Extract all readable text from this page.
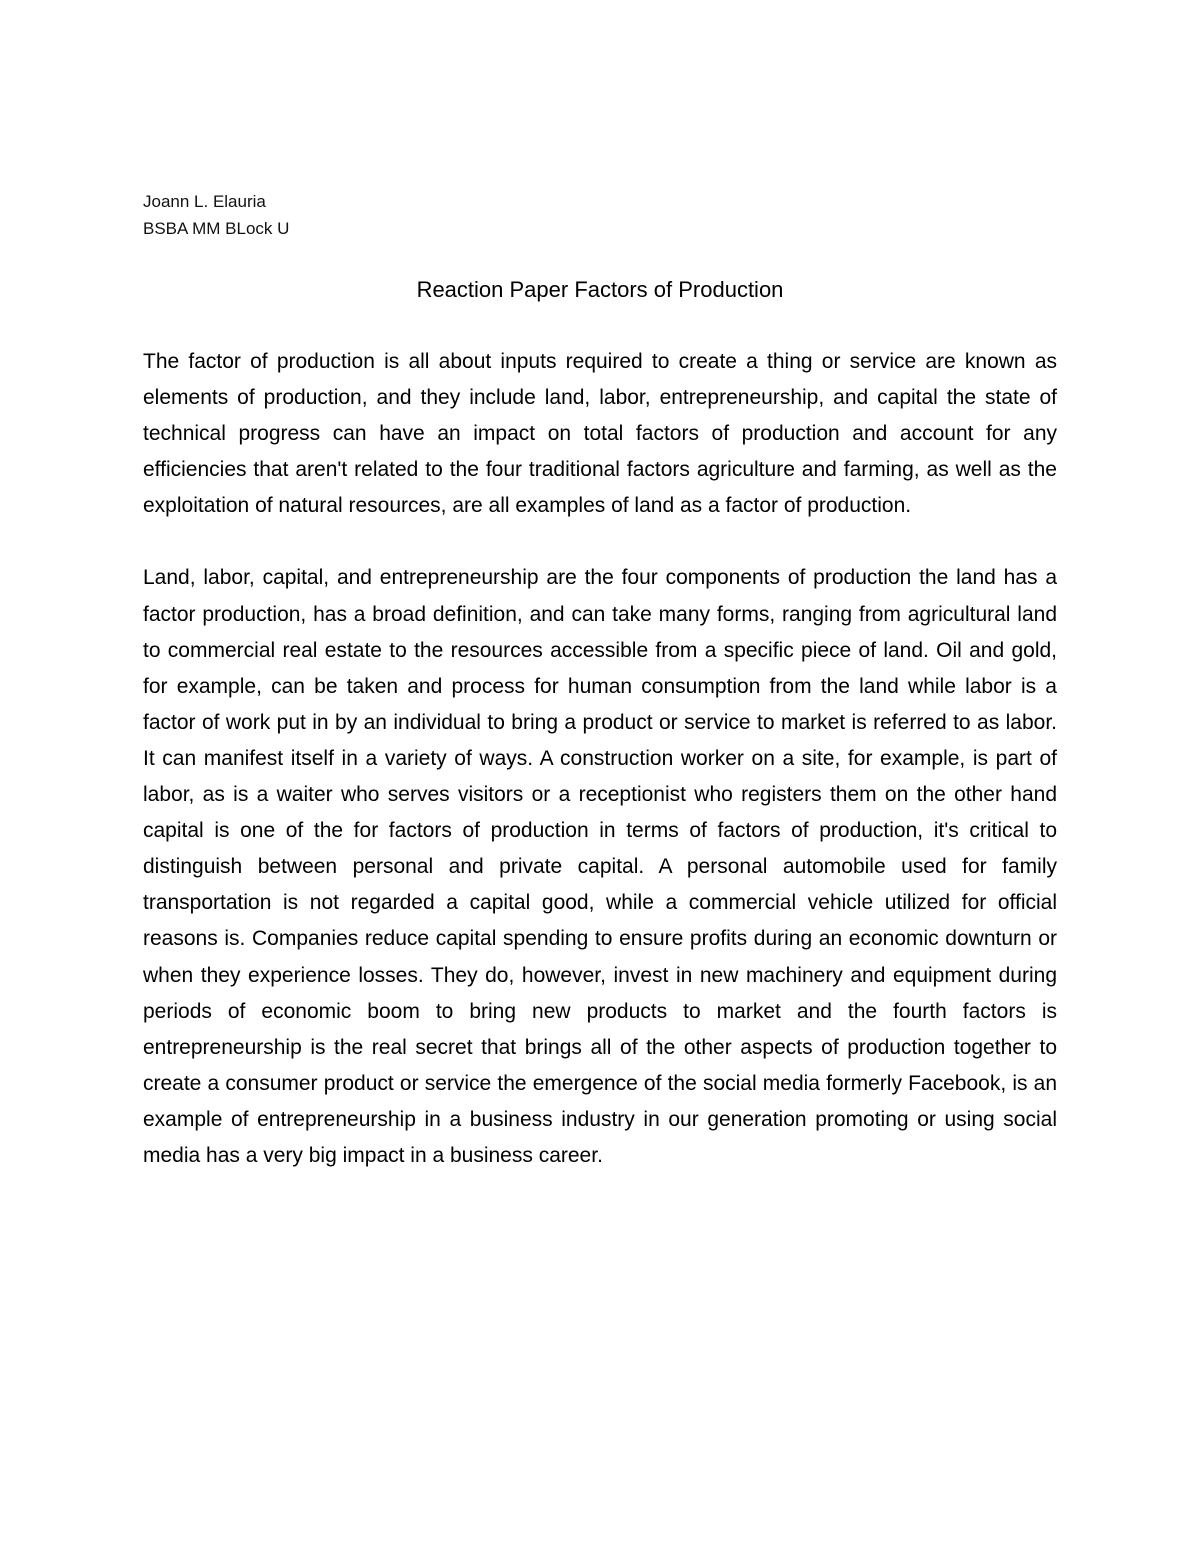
Joann L. Elauria
BSBA MM BLock U
Reaction Paper Factors of Production

The factor of production is all about inputs required to create a thing or service are known as elements of production, and they include land, labor, entrepreneurship, and capital the state of technical progress can have an impact on total factors of production and account for any efficiencies that aren't related to the four traditional factors agriculture and farming, as well as the exploitation of natural resources, are all examples of land as a factor of production.

Land, labor, capital, and entrepreneurship are the four components of production the land has a factor production, has a broad definition, and can take many forms, ranging from agricultural land to commercial real estate to the resources accessible from a specific piece of land. Oil and gold, for example, can be taken and process for human consumption from the land while labor is a factor of work put in by an individual to bring a product or service to market is referred to as labor. It can manifest itself in a variety of ways. A construction worker on a site, for example, is part of labor, as is a waiter who serves visitors or a receptionist who registers them on the other hand capital is one of the for factors of production in terms of factors of production, it's critical to distinguish between personal and private capital. A personal automobile used for family transportation is not regarded a capital good, while a commercial vehicle utilized for official reasons is. Companies reduce capital spending to ensure profits during an economic downturn or when they experience losses. They do, however, invest in new machinery and equipment during periods of economic boom to bring new products to market and the fourth factors is entrepreneurship is the real secret that brings all of the other aspects of production together to create a consumer product or service the emergence of the social media formerly Facebook, is an example of entrepreneurship in a business industry in our generation promoting or using social media has a very big impact in a business career.
